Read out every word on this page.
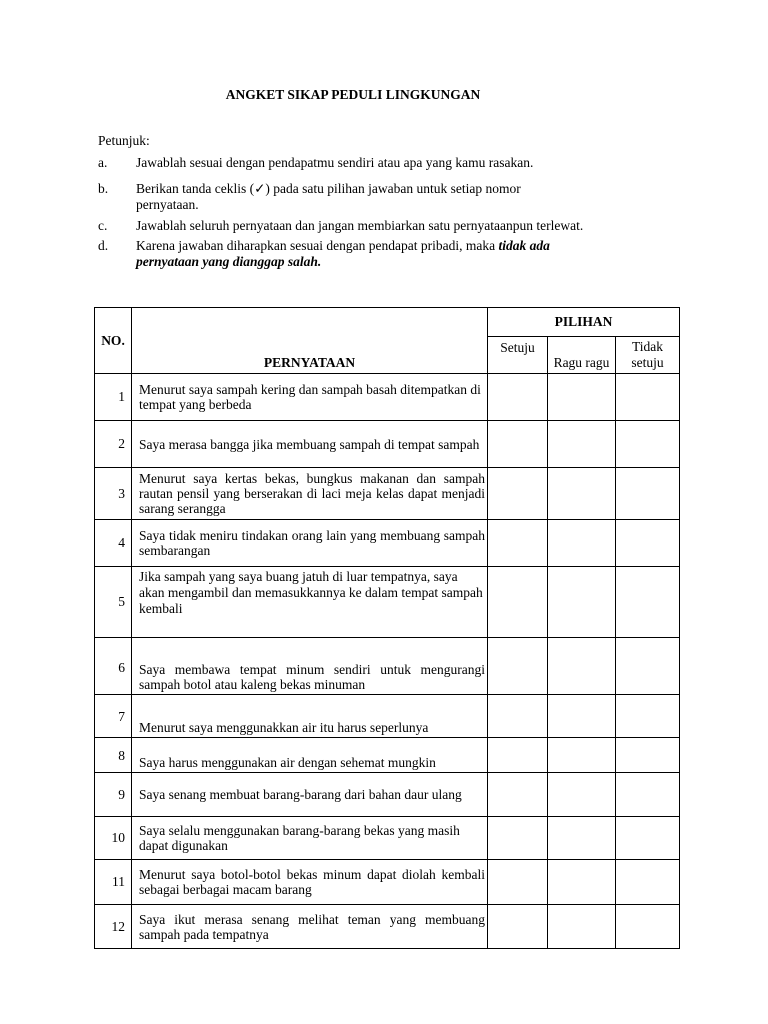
ANGKET SIKAP PEDULI LINGKUNGAN
Petunjuk:
a. Jawablah sesuai dengan pendapatmu sendiri atau apa yang kamu rasakan.
b. Berikan tanda ceklis (✓) pada satu pilihan jawaban untuk setiap nomor pernyataan.
c. Jawablah seluruh pernyataan dan jangan membiarkan satu pernyataanpun terlewat.
d. Karena jawaban diharapkan sesuai dengan pendapat pribadi, maka tidak ada pernyataan yang dianggap salah.
NO.	PERNYATAAN	PILIHAN		
		Setuju	Ragu ragu	Tidak setuju
1	Menurut saya sampah kering dan sampah basah ditempatkan di tempat yang berbeda			
2	Saya merasa bangga jika membuang sampah di tempat sampah			
3	Menurut saya kertas bekas, bungkus makanan dan sampah rautan pensil yang berserakan di laci meja kelas dapat menjadi sarang serangga			
4	Saya tidak meniru tindakan orang lain yang membuang sampah sembarangan			
5	Jika sampah yang saya buang jatuh di luar tempatnya, saya akan mengambil dan memasukkannya ke dalam tempat sampah kembali			
6	Saya membawa tempat minum sendiri untuk mengurangi sampah botol atau kaleng bekas minuman			
7	Menurut saya menggunakkan air itu harus seperlunya			
8	Saya harus menggunakan air dengan sehemat mungkin			
9	Saya senang membuat barang-barang dari bahan daur ulang			
10	Saya selalu menggunakan barang-barang bekas yang masih dapat digunakan			
11	Menurut saya botol-botol bekas minum dapat diolah kembali sebagai berbagai macam barang			
12	Saya ikut merasa senang melihat teman yang membuang sampah pada tempatnya			
